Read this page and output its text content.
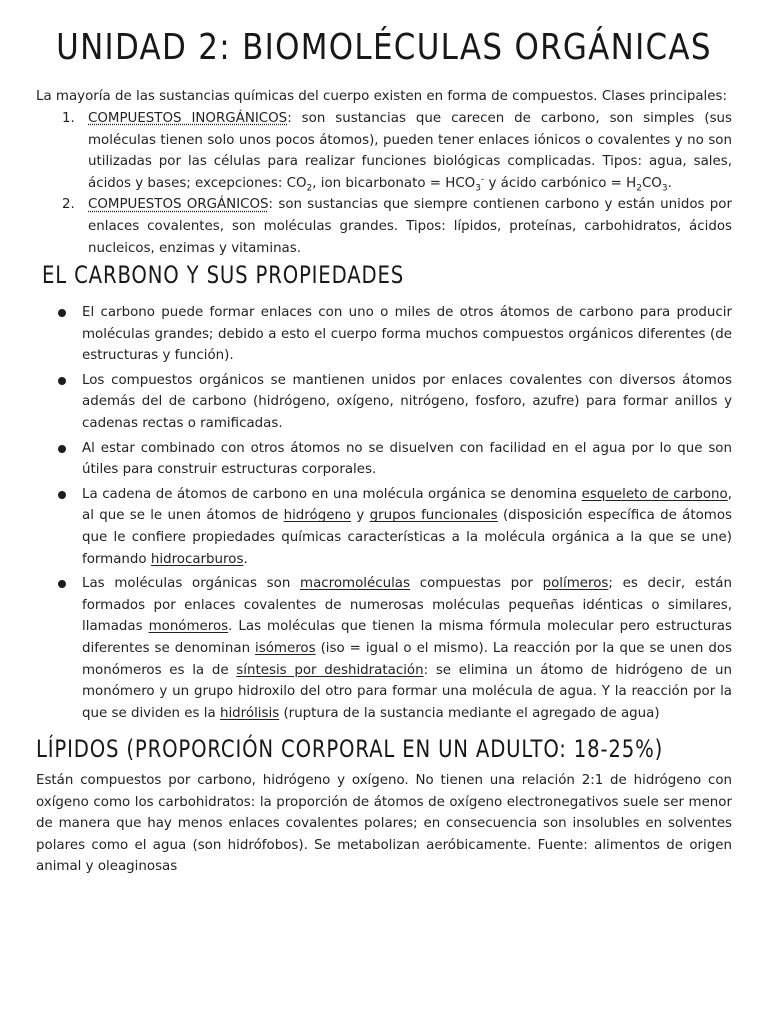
UNIDAD 2: BIOMOLÉCULAS ORGÁNICAS
La mayoría de las sustancias químicas del cuerpo existen en forma de compuestos. Clases principales:
1. COMPUESTOS INORGÁNICOS: son sustancias que carecen de carbono, son simples (sus moléculas tienen solo unos pocos átomos), pueden tener enlaces iónicos o covalentes y no son utilizadas por las células para realizar funciones biológicas complicadas. Tipos: agua, sales, ácidos y bases; excepciones: $CO_2$, ion bicarbonato = $HCO_3^-$ y ácido carbónico = $H_2CO_3$.
2. COMPUESTOS ORGÁNICOS: son sustancias que siempre contienen carbono y están unidos por enlaces covalentes, son moléculas grandes. Tipos: lípidos, proteínas, carbohidratos, ácidos nucleicos, enzimas y vitaminas.
EL CARBONO Y SUS PROPIEDADES
El carbono puede formar enlaces con uno o miles de otros átomos de carbono para producir moléculas grandes; debido a esto el cuerpo forma muchos compuestos orgánicos diferentes (de estructuras y función).
Los compuestos orgánicos se mantienen unidos por enlaces covalentes con diversos átomos además del de carbono (hidrógeno, oxígeno, nitrógeno, fosforo, azufre) para formar anillos y cadenas rectas o ramificadas.
Al estar combinado con otros átomos no se disuelven con facilidad en el agua por lo que son útiles para construir estructuras corporales.
La cadena de átomos de carbono en una molécula orgánica se denomina esqueleto de carbono, al que se le unen átomos de hidrógeno y grupos funcionales (disposición específica de átomos que le confiere propiedades químicas características a la molécula orgánica a la que se une) formando hidrocarburos.
Las moléculas orgánicas son macromoléculas compuestas por polímeros; es decir, están formados por enlaces covalentes de numerosas moléculas pequeñas idénticas o similares, llamadas monómeros. Las moléculas que tienen la misma fórmula molecular pero estructuras diferentes se denominan isómeros (iso = igual o el mismo). La reacción por la que se unen dos monómeros es la de síntesis por deshidratación: se elimina un átomo de hidrógeno de un monómero y un grupo hidroxilo del otro para formar una molécula de agua. Y la reacción por la que se dividen es la hidrólisis (ruptura de la sustancia mediante el agregado de agua)
LÍPIDOS (PROPORCIÓN CORPORAL EN UN ADULTO: 18-25%)
Están compuestos por carbono, hidrógeno y oxígeno. No tienen una relación 2:1 de hidrógeno con oxígeno como los carbohidratos: la proporción de átomos de oxígeno electronegativos suele ser menor de manera que hay menos enlaces covalentes polares; en consecuencia son insolubles en solventes polares como el agua (son hidrófobos). Se metabolizan aeróbicamente. Fuente: alimentos de origen animal y oleaginosas
